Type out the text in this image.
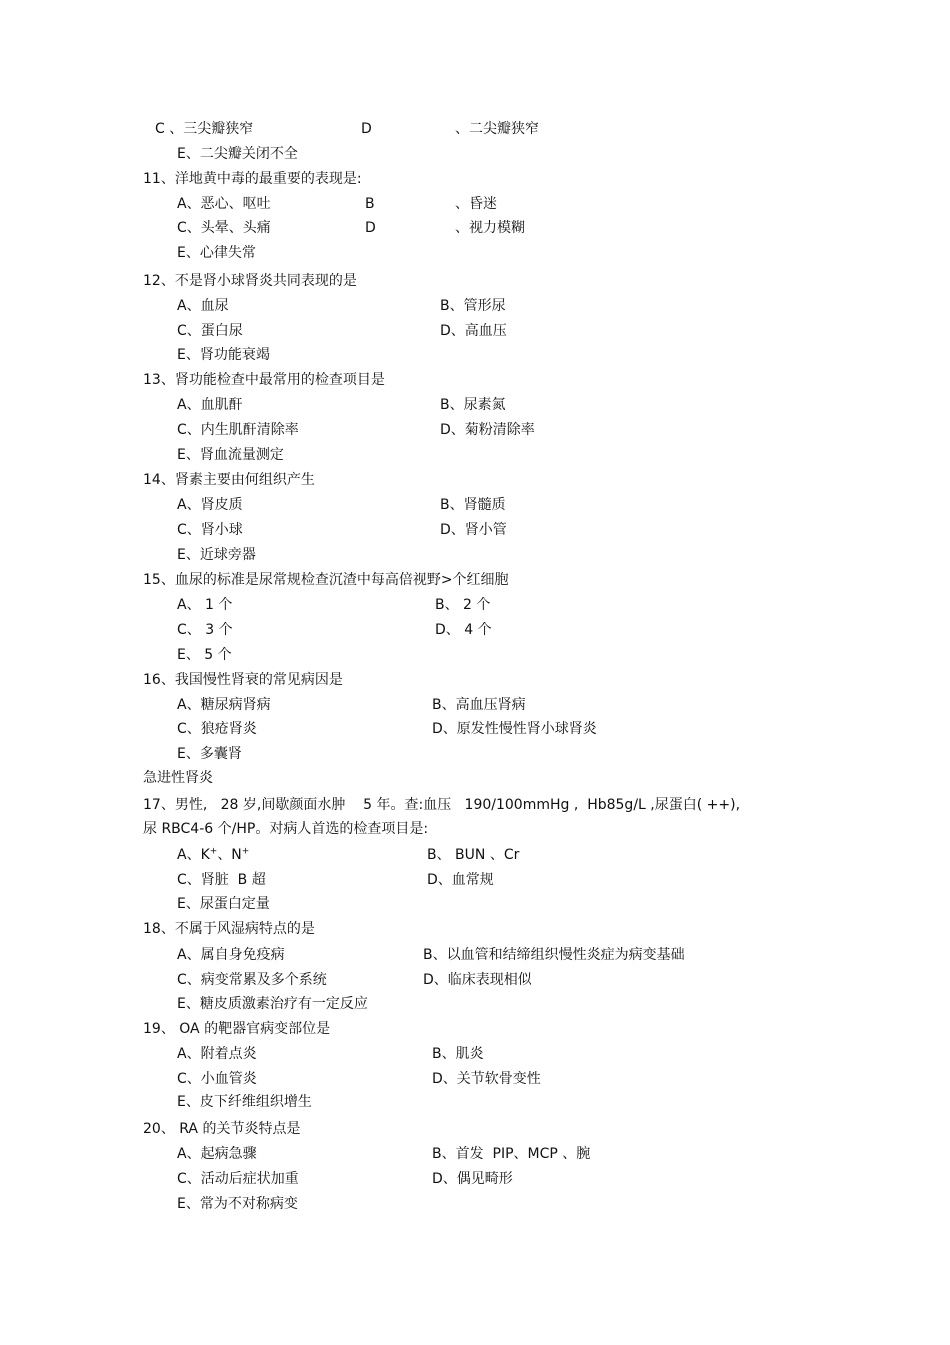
C 、三尖瓣狭窄	D	、二尖瓣狭窄
E、二尖瓣关闭不全
11、洋地黄中毒的最重要的表现是:
A、恶心、呕吐	B	、昏迷
C、头晕、头痛	D	、视力模糊
E、心律失常
12、不是肾小球肾炎共同表现的是
A、血尿	B、管形尿
C、蛋白尿	D、高血压
E、肾功能衰竭
13、肾功能检查中最常用的检查项目是
A、血肌酐	B、尿素氮
C、内生肌酐清除率	D、菊粉清除率
E、肾血流量测定
14、肾素主要由何组织产生
A、肾皮质	B、肾髓质
C、肾小球	D、肾小管
E、近球旁器
15、血尿的标准是尿常规检查沉渣中每高倍视野>个红细胞
A、 1 个	B、 2 个
C、 3 个	D、 4 个
E、 5 个
16、我国慢性肾衰的常见病因是
A、糖尿病肾病	B、高血压肾病
C、狼疮肾炎	D、原发性慢性肾小球肾炎
E、多囊肾
急进性肾炎
17、男性,   28 岁,间歇颜面水肿    5 年。查:血压   190/100mmHg ,  Hb85g/L ,尿蛋白( ++),
尿 RBC4-6 个/HP。对病人首选的检查项目是:
A、K+、N+	B、 BUN 、Cr
C、肾脏  B 超	D、血常规
E、尿蛋白定量
18、不属于风湿病特点的是
A、属自身免疫病	B、以血管和结缔组织慢性炎症为病变基础
C、病变常累及多个系统	D、临床表现相似
E、糖皮质激素治疗有一定反应
19、 OA 的靶器官病变部位是
A、附着点炎	B、肌炎
C、小血管炎	D、关节软骨变性
E、皮下纤维组织增生
20、 RA 的关节炎特点是
A、起病急骤	B、首发  PIP、MCP 、腕
C、活动后症状加重	D、偶见畸形
E、常为不对称病变
